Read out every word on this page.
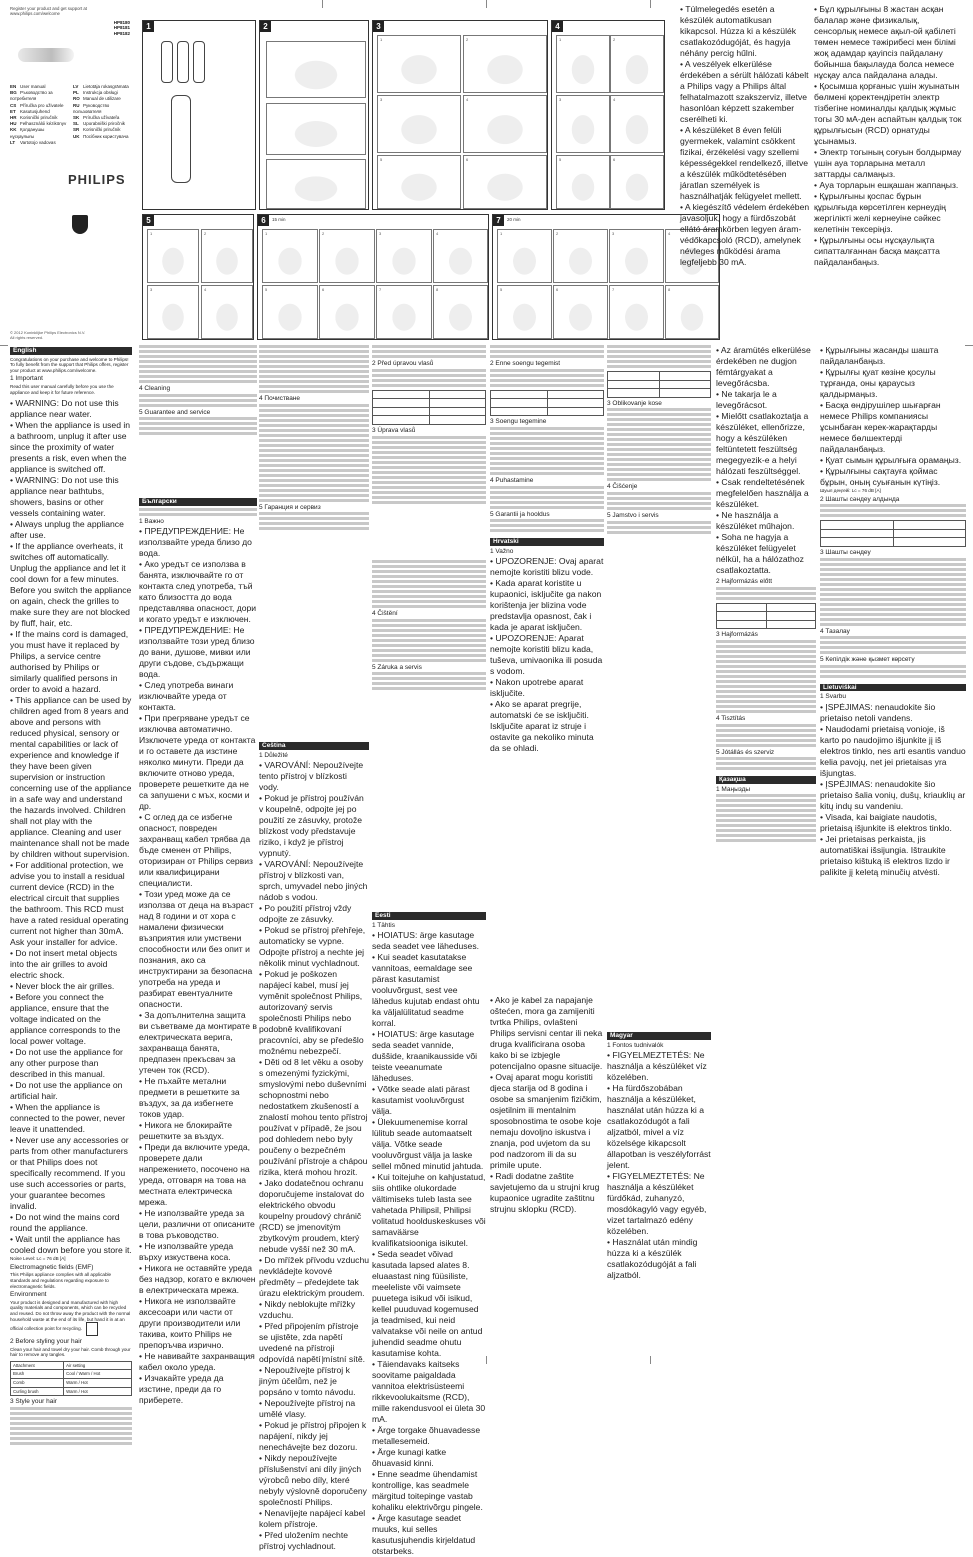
Register your product and get support at
www.philips.com/welcome
HP8180
HP8181
HP8182
EN User manual
BG Ръководство за потребителя
CS Příručka pro uživatele
ET Kasutusjuhend
HR Korisnički priručnik
HU Felhasználói kézikönyv
KK Қолданушы нұсқаулығы
LT Vartotojo vadovas
LV Lietotāja rokasgrāmata
PL Instrukcja obsługi
RO Manual de utilizare
RU Руководство пользователя
SK Príručka užívateľa
SL Uporabniški priročnik
SR Korisnički priručnik
UK Посібник користувача
PHILIPS
© 2012 Koninklijke Philips Electronics N.V.
All rights reserved.
1	2	3
1	2
3	4
5	6
4
1	2
3	4
5	6
5
1	2
3	4
6	15 min
1	2	3	4
5	6	7	8
7	20 min
1	2	3	4
5	6	7	8
• Túlmelegedés esetén a készülék automatikusan kikapcsol. Húzza ki a készülék csatlakozódugóját, és hagyja néhány percig hűlni.
• A veszélyek elkerülése érdekében a sérült hálózati kábelt a Philips vagy a Philips által felhatalmazott szakszerviz, illetve hasonlóan képzett szakember cserélheti ki.
• A készüléket 8 éven felüli gyermekek, valamint csökkent fizikai, érzékelési vagy szellemi képességekkel rendelkező, illetve a készülék működtetésében járatlan személyek is használhatják felügyelet mellett.
• A kiegészítő védelem érdekében javasoljuk, hogy a fürdőszobát ellátó áramkörben legyen áram-védőkapcsoló (RCD), amelynek névleges működési árama legfeljebb 30 mA.
• Бұл құрылғыны 8 жастан асқан балалар және физикалық, сенсорлық немесе ақыл-ой қабілеті төмен немесе тәжірибесі мен білімі жоқ адамдар қауіпсіз пайдалану бойынша бақылауда болса немесе нұсқау алса пайдалана алады.
• Қосымша қорғаныс үшін жуынатын бөлмені қоректендіретін электр тізбегіне номиналды қалдық жұмыс тогы 30 мА-ден аспайтын қалдық ток құрылғысын (RCD) орнатуды ұсынамыз.
• Электр тогының соғуын болдырмау үшін ауа торларына металл заттарды салмаңыз.
• Ауа торларын ешқашан жаппаңыз.
• Құрылғыны қоспас бұрын құрылғыда көрсетілген кернеудің жергілікті желі кернеуіне сәйкес келетінін тексеріңіз.
• Құрылғыны осы нұсқаулықта сипатталғаннан басқа мақсатта пайдаланбаңыз.
English

Congratulations on your purchase and welcome to Philips! To fully benefit from the support that Philips offers, register your product at www.philips.com/welcome.

1 Important

Read this user manual carefully before you use the appliance and keep it for future reference.

• WARNING: Do not use this appliance near water.
• When the appliance is used in a bathroom, unplug it after use since the proximity of water presents a risk, even when the appliance is switched off.
• WARNING: Do not use this appliance near bathtubs, showers, basins or other vessels containing water.
• Always unplug the appliance after use.
• If the appliance overheats, it switches off automatically. Unplug the appliance and let it cool down for a few minutes. Before you switch the appliance on again, check the grilles to make sure they are not blocked by fluff, hair, etc.
• If the mains cord is damaged, you must have it replaced by Philips, a service centre authorised by Philips or similarly qualified persons in order to avoid a hazard.
• This appliance can be used by children aged from 8 years and above and persons with reduced physical, sensory or mental capabilities or lack of experience and knowledge if they have been given supervision or instruction concerning use of the appliance in a safe way and understand the hazards involved. Children shall not play with the appliance. Cleaning and user maintenance shall not be made by children without supervision.
• For additional protection, we advise you to install a residual current device (RCD) in the electrical circuit that supplies the bathroom. This RCD must have a rated residual operating current not higher than 30mA. Ask your installer for advice.
• Do not insert metal objects into the air grilles to avoid electric shock.
• Never block the air grilles.
• Before you connect the appliance, ensure that the voltage indicated on the appliance corresponds to the local power voltage.
• Do not use the appliance for any other purpose than described in this manual.
• Do not use the appliance on artificial hair.
• When the appliance is connected to the power, never leave it unattended.
• Never use any accessories or parts from other manufacturers or that Philips does not specifically recommend. If you use such accessories or parts, your guarantee becomes invalid.
• Do not wind the mains cord round the appliance.
• Wait until the appliance has cooled down before you store it.

Noise Level: Lc = 76 dB [A]

Electromagnetic fields (EMF)

This Philips appliance complies with all applicable standards and regulations regarding exposure to electromagnetic fields.

Environment

Your product is designed and manufactured with high quality materials and components, which can be recycled and reused. Do not throw away the product with the normal household waste at the end of its life, but hand it in at an official collection point for recycling.

2 Before styling your hair

Clean your hair and towel dry your hair. Comb through your hair to remove any tangles.

Attachment	Air setting
Brush	Cool / Warm / Hot
Comb	Warm / Hot
Curling brush	Warm / Hot
3 Style your hair
4 Cleaning
5 Guarantee and service
Български
1 Важно
• ПРЕДУПРЕЖДЕНИЕ: Не използвайте уреда близо до вода.
• Ако уредът се използва в банята, изключвайте го от контакта след употреба, тъй като близостта до вода представлява опасност, дори и когато уредът е изключен.
• ПРЕДУПРЕЖДЕНИЕ: Не използвайте този уред близо до вани, душове, мивки или други съдове, съдържащи вода.
• След употреба винаги изключвайте уреда от контакта.
• При прегряване уредът се изключва автоматично. Изключете уреда от контакта и го оставете да изстине няколко минути. Преди да включите отново уреда, проверете решетките да не са запушени с мъх, косми и др.
• С оглед да се избегне опасност, повреден захранващ кабел трябва да бъде сменен от Philips, оторизиран от Philips сервиз или квалифицирани специалисти.
• Този уред може да се използва от деца на възраст над 8 години и от хора с намалени физически възприятия или умствени способности или без опит и познания, ако са инструктирани за безопасна употреба на уреда и разбират евентуалните опасности.
• За допълнителна защита ви съветваме да монтирате в електрическата верига, захранваща банята, предпазен прекъсвач за утечен ток (RCD).
• Не пъхайте метални предмети в решетките за въздух, за да избегнете токов удар.
• Никога не блокирайте решетките за въздух.
• Преди да включите уреда, проверете дали напрежението, посочено на уреда, отговаря на това на местната електрическа мрежа.
• Не използвайте уреда за цели, различни от описаните в това ръководство.
• Не използвайте уреда върху изкуствена коса.
• Никога не оставяйте уреда без надзор, когато е включен в електрическата мрежа.
• Никога не използвайте аксесоари или части от други производители или такива, които Philips не препоръчва изрично.
• Не навивайте захранващия кабел около уреда.
• Изчакайте уреда да изстине, преди да го приберете.
4 Почистване
5 Гаранция и сервиз
Čeština
1 Důležité
• VAROVÁNÍ: Nepoužívejte tento přístroj v blízkosti vody.
• Pokud je přístroj používán v koupelně, odpojte jej po použití ze zásuvky, protože blízkost vody představuje riziko, i když je přístroj vypnutý.
• VAROVÁNÍ: Nepoužívejte přístroj v blízkosti van, sprch, umyvadel nebo jiných nádob s vodou.
• Po použití přístroj vždy odpojte ze zásuvky.
• Pokud se přístroj přehřeje, automaticky se vypne. Odpojte přístroj a nechte jej několik minut vychladnout.
• Pokud je poškozen napájecí kabel, musí jej vyměnit společnost Philips, autorizovaný servis společnosti Philips nebo podobně kvalifikovaní pracovníci, aby se předešlo možnému nebezpečí.
• Děti od 8 let věku a osoby s omezenými fyzickými, smyslovými nebo duševními schopnostmi nebo nedostatkem zkušeností a znalostí mohou tento přístroj používat v případě, že jsou pod dohledem nebo byly poučeny o bezpečném používání přístroje a chápou rizika, která mohou hrozit.
• Jako dodatečnou ochranu doporučujeme instalovat do elektrického obvodu koupelny proudový chránič (RCD) se jmenovitým zbytkovým proudem, který nebude vyšší než 30 mA.
• Do mřížek přívodu vzduchu nevkládejte kovové předměty – předejdete tak úrazu elektrickým proudem.
• Nikdy neblokujte mřížky vzduchu.
• Před připojením přístroje se ujistěte, zda napětí uvedené na přístroji odpovídá napětí místní sítě.
• Nepoužívejte přístroj k jiným účelům, než je popsáno v tomto návodu.
• Nepoužívejte přístroj na umělé vlasy.
• Pokud je přístroj připojen k napájení, nikdy jej nenechávejte bez dozoru.
• Nikdy nepoužívejte příslušenství ani díly jiných výrobců nebo díly, které nebyly výslovně doporučeny společností Philips.
• Nenavíjejte napájecí kabel kolem přístroje.
• Před uložením nechte přístroj vychladnout.
2 Před úpravou vlasů

3 Úprava vlasů
4 Čištění
5 Záruka a servis
Eesti
1 Tähtis
• HOIATUS: ärge kasutage seda seadet vee läheduses.
• Kui seadet kasutatakse vannitoas, eemaldage see pärast kasutamist vooluvõrgust, sest vee lähedus kujutab endast ohtu ka väljalülitatud seadme korral.
• HOIATUS: ärge kasutage seda seadet vannide, duššide, kraanikausside või teiste veeanumate läheduses.
• Võtke seade alati pärast kasutamist vooluvõrgust välja.
• Ülekuumenemise korral lülitub seade automaatselt välja. Võtke seade vooluvõrgust välja ja laske sellel mõned minutid jahtuda.
• Kui toitejuhe on kahjustatud, siis ohtlike olukordade vältimiseks tuleb lasta see vahetada Philipsil, Philipsi volitatud hoolduskeskuses või samaväärse kvalifikatsiooniga isikutel.
• Seda seadet võivad kasutada lapsed alates 8. eluaastast ning füüsiliste, meeleliste või vaimsete puuetega isikud või isikud, kellel puuduvad kogemused ja teadmised, kui neid valvatakse või neile on antud juhendid seadme ohutu kasutamise kohta.
• Täiendavaks kaitseks soovitame paigaldada vannitoa elektrisüsteemi rikkevoolukaitsme (RCD), mille rakendusvool ei ületa 30 mA.
• Ärge torgake õhuavadesse metallesemeid.
• Ärge kunagi katke õhuavasid kinni.
• Enne seadme ühendamist kontrollige, kas seadmele märgitud toitepinge vastab kohaliku elektrivõrgu pingele.
• Ärge kasutage seadet muuks, kui selles kasutusjuhendis kirjeldatud otstarbeks.
2 Enne soengu tegemist

3 Soengu tegemine
4 Puhastamine
5 Garantii ja hooldus
Hrvatski
1 Važno
• UPOZORENJE: Ovaj aparat nemojte koristiti blizu vode.
• Kada aparat koristite u kupaonici, isključite ga nakon korištenja jer blizina vode predstavlja opasnost, čak i kada je aparat isključen.
• UPOZORENJE: Aparat nemojte koristiti blizu kada, tuševa, umivaonika ili posuda s vodom.
• Nakon upotrebe aparat isključite.
• Ako se aparat pregrije, automatski će se isključiti. Isključite aparat iz struje i ostavite ga nekoliko minuta da se ohladi.
• Ako je kabel za napajanje oštećen, mora ga zamijeniti tvrtka Philips, ovlašteni Philips servisni centar ili neka druga kvalificirana osoba kako bi se izbjegle potencijalno opasne situacije.
• Ovaj aparat mogu koristiti djeca starija od 8 godina i osobe sa smanjenim fizičkim, osjetilnim ili mentalnim sposobnostima te osobe koje nemaju dovoljno iskustva i znanja, pod uvjetom da su pod nadzorom ili da su primile upute.
• Radi dodatne zaštite savjetujemo da u strujni krug kupaonice ugradite zaštitnu strujnu sklopku (RCD).

3 Oblikovanje kose
4 Čišćenje
5 Jamstvo i servis
Magyar
1 Fontos tudnivalók
• FIGYELMEZTETÉS: Ne használja a készüléket víz közelében.
• Ha fürdőszobában használja a készüléket, használat után húzza ki a csatlakozódugót a fali aljzatból, mivel a víz közelsége kikapcsolt állapotban is veszélyforrást jelent.
• FIGYELMEZTETÉS: Ne használja a készüléket fürdőkád, zuhanyzó, mosdókagyló vagy egyéb, vizet tartalmazó edény közelében.
• Használat után mindig húzza ki a készülék csatlakozódugóját a fali aljzatból.
• Az áramütés elkerülése érdekében ne dugjon fémtárgyakat a levegőrácsba.
• Ne takarja le a levegőrácsot.
• Mielőtt csatlakoztatja a készüléket, ellenőrizze, hogy a készüléken feltüntetett feszültség megegyezik-e a helyi hálózati feszültséggel.
• Csak rendeltetésének megfelelően használja a készüléket.
• Ne használja a készüléket műhajon.
• Soha ne hagyja a készüléket felügyelet nélkül, ha a hálózathoz csatlakoztatta.
2 Hajformázás előtt

3 Hajformázás
4 Tisztítás
5 Jótállás és szerviz
Қазақша
1 Маңызды
• Құрылғыны жасанды шашта пайдаланбаңыз.
• Құрылғы қуат көзіне қосулы тұрғанда, оны қараусыз қалдырмаңыз.
• Басқа өндірушілер шығарған немесе Philips компаниясы ұсынбаған керек-жарақтарды немесе бөлшектерді пайдаланбаңыз.
• Қуат сымын құрылғыға орамаңыз.
• Құрылғыны сақтауға қоймас бұрын, оның суығанын күтіңіз.

Шуыл деңгейі: Lc = 76 dB [A]

2 Шашты сәндеу алдында

3 Шашты сәндеу
4 Тазалау
5 Кепілдік және қызмет көрсету
Lietuviškai
1 Svarbu
• ĮSPĖJIMAS: nenaudokite šio prietaiso netoli vandens.
• Naudodami prietaisą vonioje, iš karto po naudojimo išjunkite jį iš elektros tinklo, nes arti esantis vanduo kelia pavojų, net jei prietaisas yra išjungtas.
• ĮSPĖJIMAS: nenaudokite šio prietaiso šalia vonių, dušų, kriauklių ar kitų indų su vandeniu.
• Visada, kai baigiate naudotis, prietaisą išjunkite iš elektros tinklo.
• Jei prietaisas perkaista, jis automatiškai išsijungia. Ištraukite prietaiso kištuką iš elektros lizdo ir palikite jį keletą minučių atvėsti.
